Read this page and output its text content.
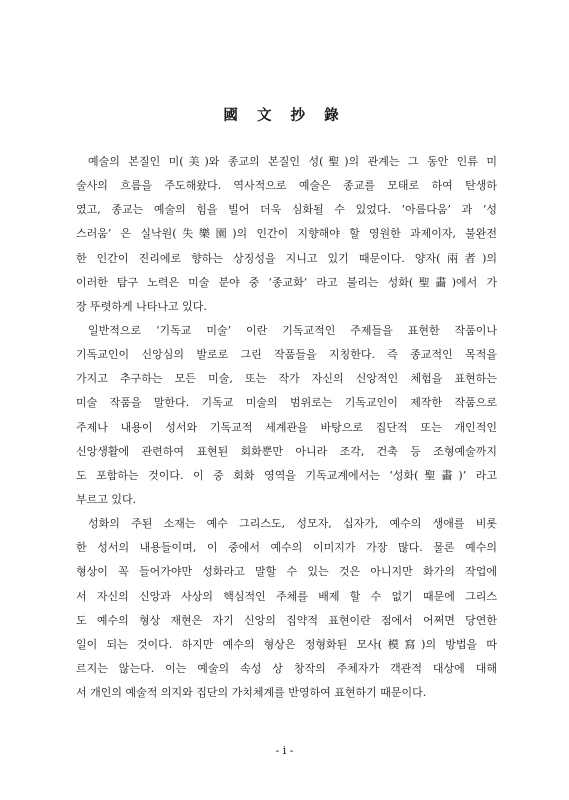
國 文 抄 錄
예술의 본질인 미(美)와 종교의 본질인 성(聖)의 관계는 그 동안 인류 미
술사의 흐름을 주도해왔다. 역사적으로 예술은 종교를 모태로 하여 탄생하
였고, 종교는 예술의 힘을 빌어 더욱 심화될 수 있었다. ‘아름다움’ 과 ‘성
스러움’ 은 실낙원(失樂園)의 인간이 지향해야 할 영원한 과제이자, 불완전
한 인간이 진리에로 향하는 상징성을 지니고 있기 때문이다. 양자(兩者)의
이러한 탐구 노력은 미술 분야 중 ‘종교화’ 라고 불리는 성화(聖畵)에서 가
장 뚜렷하게 나타나고 있다.
일반적으로 ‘기독교 미술’ 이란 기독교적인 주제들을 표현한 작품이나
기독교인이 신앙심의 발로로 그린 작품들을 지칭한다. 즉 종교적인 목적을
가지고 추구하는 모든 미술, 또는 작가 자신의 신앙적인 체험을 표현하는
미술 작품을 말한다. 기독교 미술의 범위로는 기독교인이 제작한 작품으로
주제나 내용이 성서와 기독교적 세계관을 바탕으로 집단적 또는 개인적인
신앙생활에 관련하여 표현된 회화뿐만 아니라 조각, 건축 등 조형예술까지
도 포함하는 것이다. 이 중 회화 영역을 기독교계에서는 ‘성화(聖畵)’ 라고
부르고 있다.
성화의 주된 소재는 예수 그리스도, 성모자, 십자가, 예수의 생애를 비롯
한 성서의 내용들이며, 이 중에서 예수의 이미지가 가장 많다. 물론 예수의
형상이 꼭 들어가야만 성화라고 말할 수 있는 것은 아니지만 화가의 작업에
서 자신의 신앙과 사상의 핵심적인 주체를 배제 할 수 없기 때문에 그리스
도 예수의 형상 재현은 자기 신앙의 집약적 표현이란 점에서 어쩌면 당연한
일이 되는 것이다. 하지만 예수의 형상은 정형화된 모사(模寫)의 방법을 따
르지는 않는다. 이는 예술의 속성 상 창작의 주체자가 객관적 대상에 대해
서 개인의 예술적 의지와 집단의 가치체계를 반영하여 표현하기 때문이다.
- i -
